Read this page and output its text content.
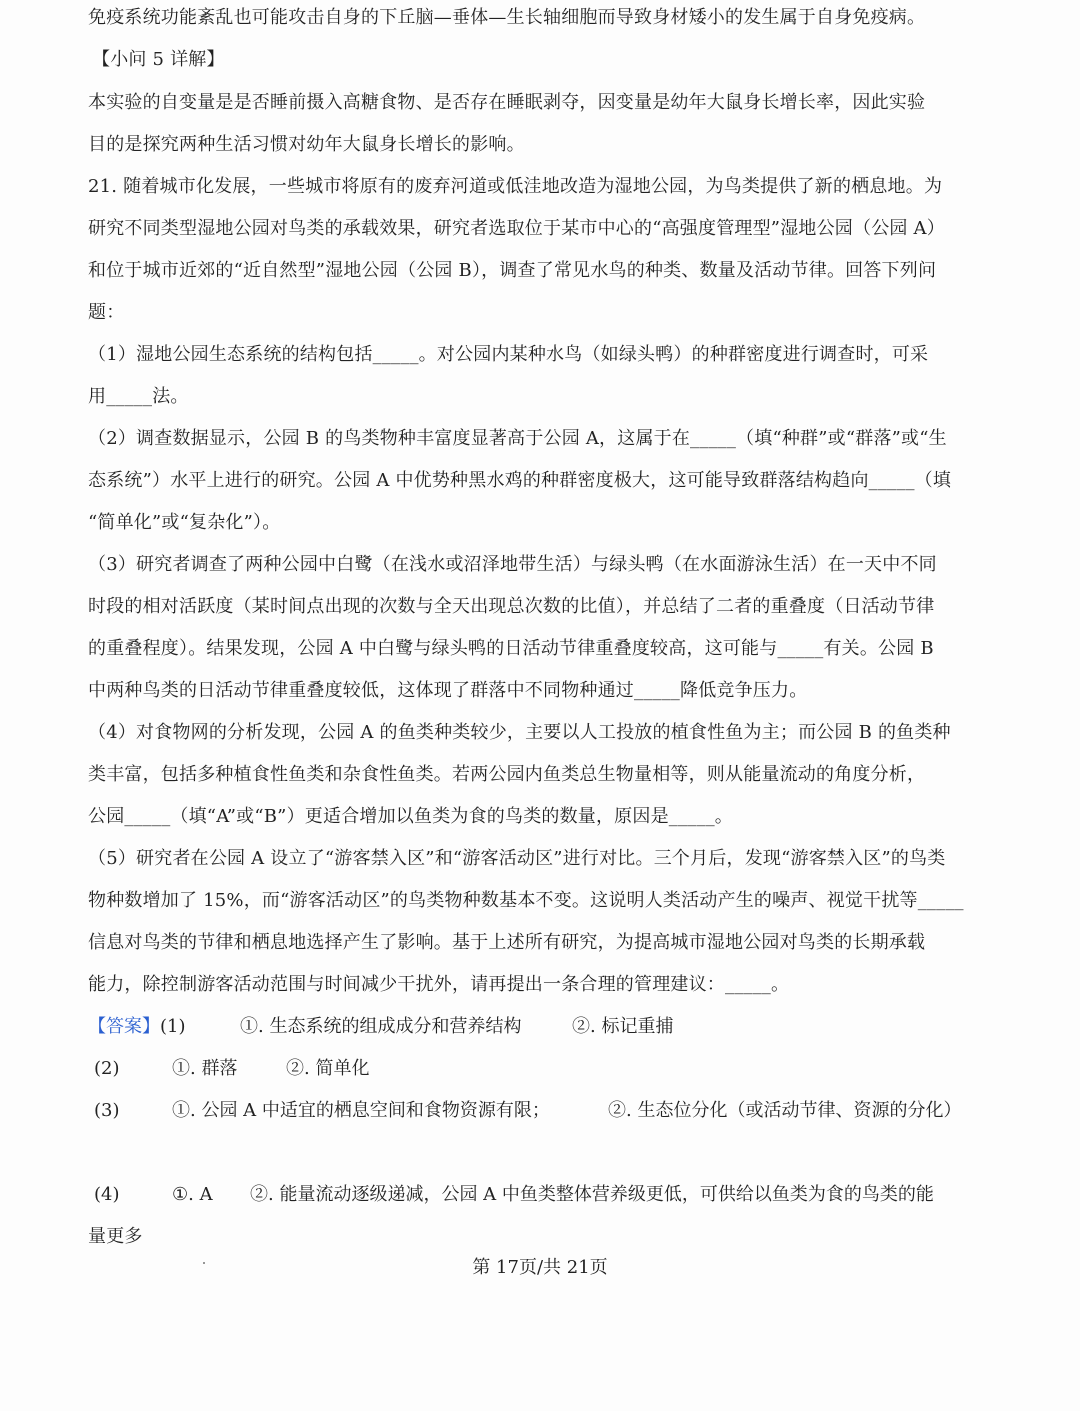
免疫系统功能紊乱也可能攻击自身的下丘脑—垂体—生长轴细胞而导致身材矮小的发生属于自身免疫病。
【小问 5 详解】
本实验的自变量是是否睡前摄入高糖食物、是否存在睡眠剥夺，因变量是幼年大鼠身长增长率，因此实验
目的是探究两种生活习惯对幼年大鼠身长增长的影响。
21. 随着城市化发展，一些城市将原有的废弃河道或低洼地改造为湿地公园，为鸟类提供了新的栖息地。为
研究不同类型湿地公园对鸟类的承载效果，研究者选取位于某市中心的“高强度管理型”湿地公园（公园 A）
和位于城市近郊的“近自然型”湿地公园（公园 B），调查了常见水鸟的种类、数量及活动节律。回答下列问
题：
（1）湿地公园生态系统的结构包括_____。对公园内某种水鸟（如绿头鸭）的种群密度进行调查时，可采
用_____法。
（2）调查数据显示，公园 B 的鸟类物种丰富度显著高于公园 A，这属于在_____（填“种群”或“群落”或“生
态系统”）水平上进行的研究。公园 A 中优势种黑水鸡的种群密度极大，这可能导致群落结构趋向_____（填
“简单化”或“复杂化”）。
（3）研究者调查了两种公园中白鹭（在浅水或沼泽地带生活）与绿头鸭（在水面游泳生活）在一天中不同
时段的相对活跃度（某时间点出现的次数与全天出现总次数的比值），并总结了二者的重叠度（日活动节律
的重叠程度）。结果发现，公园 A 中白鹭与绿头鸭的日活动节律重叠度较高，这可能与_____有关。公园 B
中两种鸟类的日活动节律重叠度较低，这体现了群落中不同物种通过_____降低竞争压力。
（4）对食物网的分析发现，公园 A 的鱼类种类较少，主要以人工投放的植食性鱼为主；而公园 B 的鱼类种
类丰富，包括多种植食性鱼类和杂食性鱼类。若两公园内鱼类总生物量相等，则从能量流动的角度分析，
公园_____（填“A”或“B”）更适合增加以鱼类为食的鸟类的数量，原因是_____。
（5）研究者在公园 A 设立了“游客禁入区”和“游客活动区”进行对比。三个月后，发现“游客禁入区”的鸟类
物种数增加了 15%，而“游客活动区”的鸟类物种数基本不变。这说明人类活动产生的噪声、视觉干扰等_____
信息对鸟类的节律和栖息地选择产生了影响。基于上述所有研究，为提高城市湿地公园对鸟类的长期承载
能力，除控制游客活动范围与时间减少干扰外，请再提出一条合理的管理建议：_____。
【答案】 (1)	①. 生态系统的组成成分和营养结构	②. 标记重捕
(2)	①. 群落	②. 简单化
(3)	①. 公园 A 中适宜的栖息空间和食物资源有限；	②. 生态位分化（或活动节律、资源的分化）
(4)	①. A ②. 能量流动逐级递减，公园 A 中鱼类整体营养级更低，可供给以鱼类为食的鸟类的能
量更多
第 17页/共 21页
